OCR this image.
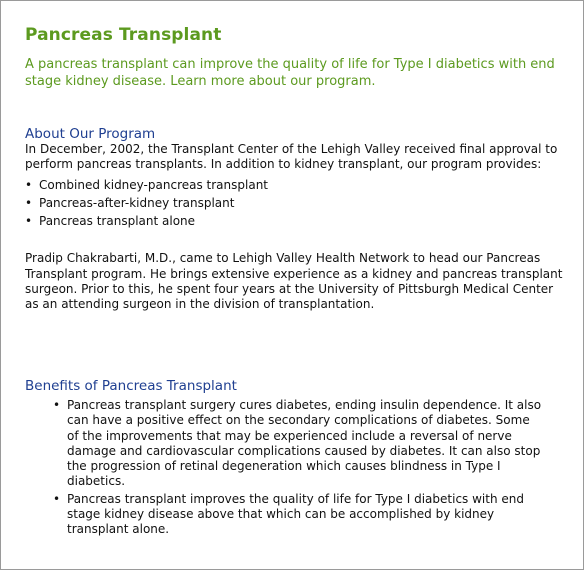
Pancreas Transplant
A pancreas transplant can improve the quality of life for Type I diabetics with end stage kidney disease. Learn more about our program.
About Our Program

In December, 2002, the Transplant Center of the Lehigh Valley received final approval to perform pancreas transplants. In addition to kidney transplant, our program provides:

• Combined kidney-pancreas transplant
• Pancreas-after-kidney transplant
• Pancreas transplant alone

Pradip Chakrabarti, M.D., came to Lehigh Valley Health Network to head our Pancreas Transplant program. He brings extensive experience as a kidney and pancreas transplant surgeon. Prior to this, he spent four years at the University of Pittsburgh Medical Center as an attending surgeon in the division of transplantation.

Benefits of Pancreas Transplant
• Pancreas transplant surgery cures diabetes, ending insulin dependence. It also can have a positive effect on the secondary complications of diabetes. Some of the improvements that may be experienced include a reversal of nerve damage and cardiovascular complications caused by diabetes. It can also stop the progression of retinal degeneration which causes blindness in Type I diabetics.
• Pancreas transplant improves the quality of life for Type I diabetics with end stage kidney disease above that which can be accomplished by kidney transplant alone.
